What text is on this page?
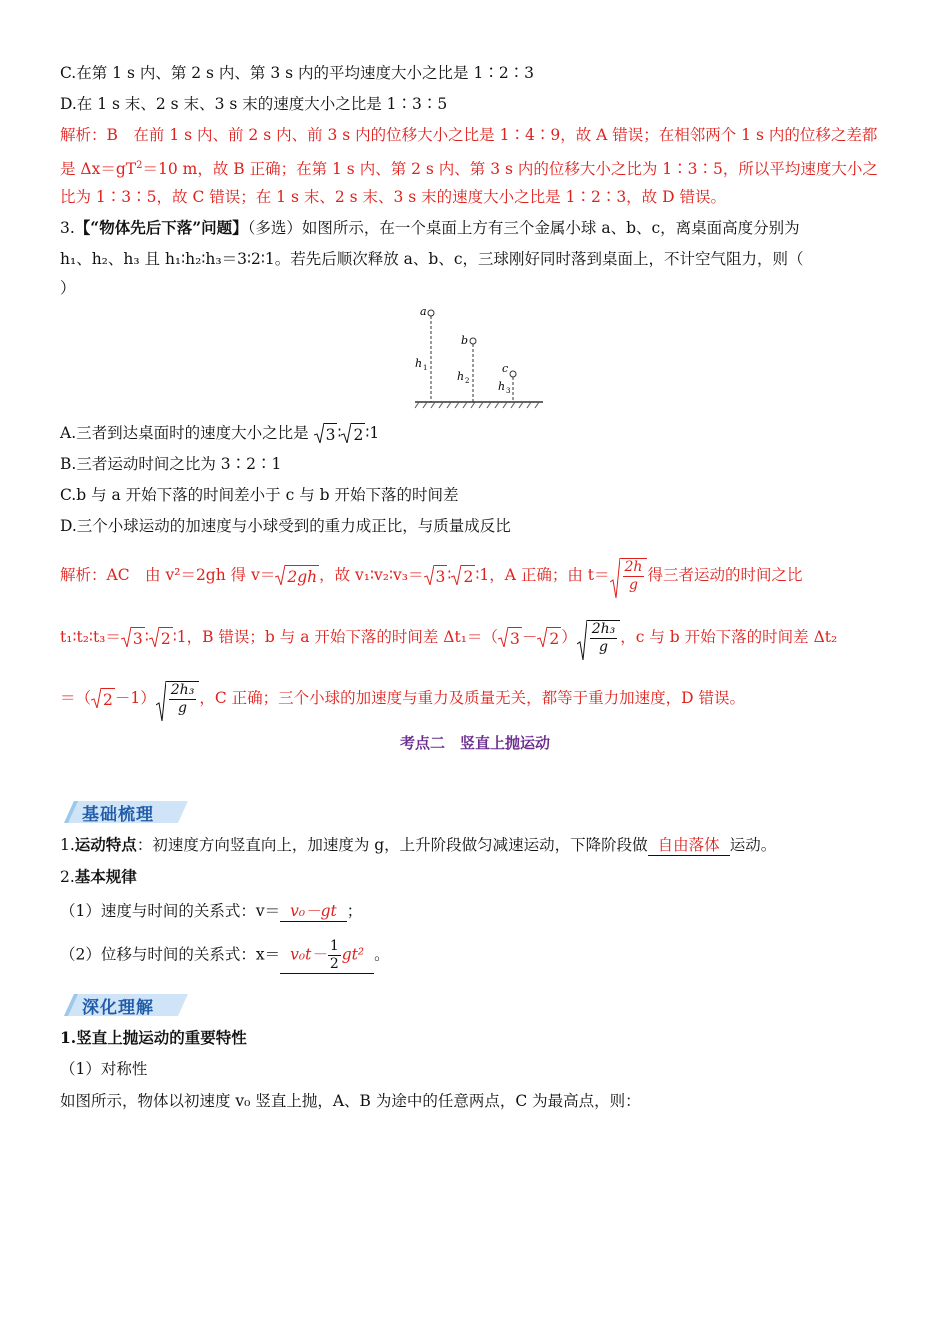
C.在第 1 s 内、第 2 s 内、第 3 s 内的平均速度大小之比是 1∶2∶3
D.在 1 s 末、2 s 末、3 s 末的速度大小之比是 1∶3∶5
解析：B　在前 1 s 内、前 2 s 内、前 3 s 内的位移大小之比是 1∶4∶9，故 A 错误；在相邻两个 1 s 内的位移之差都
是 $\Delta x=gT^2=10$ m，故 B 正确；在第 1 s 内、第 2 s 内、第 3 s 内的位移大小之比为 1∶3∶5，所以平均速度大小之
比为 1∶3∶5，故 C 错误；在 1 s 末、2 s 末、3 s 末的速度大小之比是 1∶2∶3，故 D 错误。
3.【“物体先后下落”问题】（多选）如图所示，在一个桌面上方有三个金属小球 a、b、c，离桌面高度分别为
h₁、h₂、h₃ 且 h₁∶h₂∶h₃＝3∶2∶1。若先后顺次释放 a、b、c，三球刚好同时落到桌面上，不计空气阻力，则（
）
a
h 1
b
h 2
c
h 3
A.三者到达桌面时的速度大小之比是 3 ∶ 2 ∶1
B.三者运动时间之比为 3∶2∶1
C.b 与 a 开始下落的时间差小于 c 与 b 开始下落的时间差
D.三个小球运动的加速度与小球受到的重力成正比，与质量成反比
解析：AC　由 v²＝2gh 得 v＝ 2gh ，故 v₁∶v₂∶v₃＝ 3 ∶ 2 ∶1，A 正确；由 $t= \frac{2h}{g}$ 得三者运动的时间之比
t₁∶t₂∶t₃＝ 3 ∶ 2 ∶1，B 错误；b 与 a 开始下落的时间差 Δt₁＝（ 3 － 2 ） $\frac{\text{2h₃}}{g}$ ，c 与 b 开始下落的时间差 Δt₂
＝（ $2 -1) \frac{\text{2h₃}}{g}$ ，C 正确；三个小球的加速度与重力及质量无关，都等于重力加速度，D 错误。
考点二　竖直上抛运动
基础梳理
1.运动特点：初速度方向竖直向上，加速度为 g，上升阶段做匀减速运动，下降阶段做 自由落体 运动。
2.基本规律
（1）速度与时间的关系式：v＝ v₀－gt ；
（2）位移与时间的关系式：$x= v_0t- \frac{1}{2} gt^2$ 。
深化理解
1.竖直上抛运动的重要特性
（1）对称性
如图所示，物体以初速度 v₀ 竖直上抛，A、B 为途中的任意两点，C 为最高点，则：
